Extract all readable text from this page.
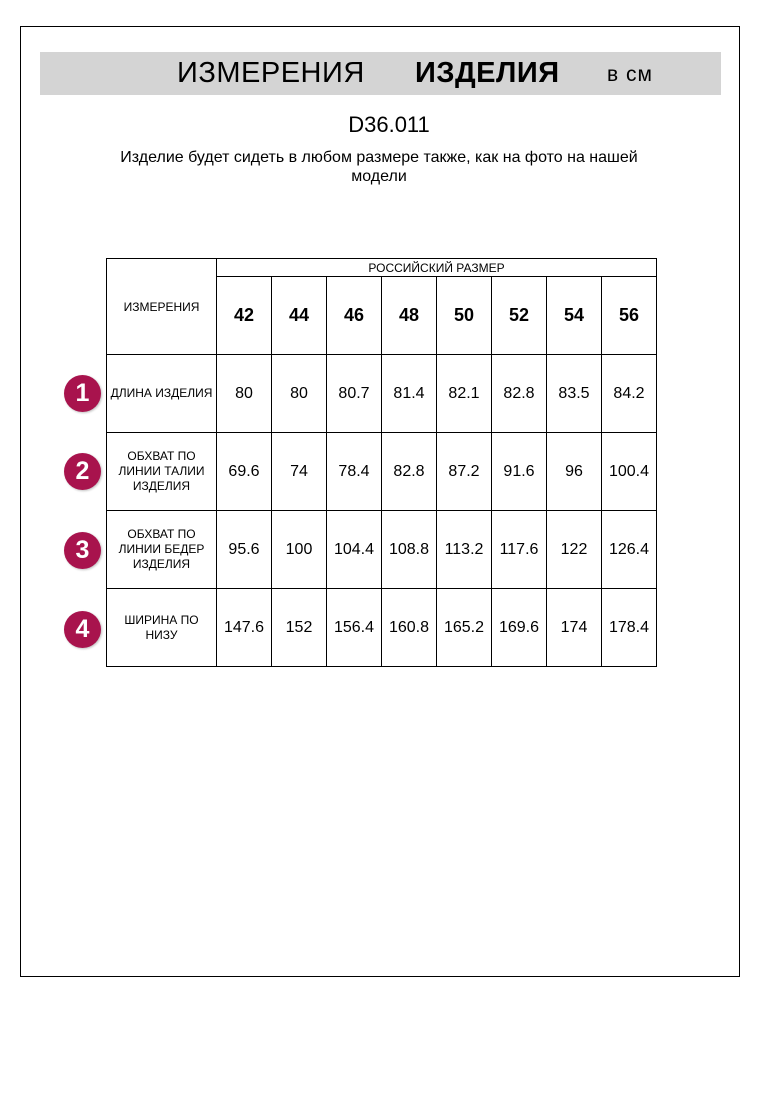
ИЗМЕРЕНИЯ ИЗДЕЛИЯ в см
D36.011
Изделие будет сидеть в любом размере также, как на фото на нашей модели
ИЗМЕРЕНИЯ	РОССИЙСКИЙ РАЗМЕР							
	42	44	46	48	50	52	54	56
ДЛИНА ИЗДЕЛИЯ	80	80	80.7	81.4	82.1	82.8	83.5	84.2
ОБХВАТ ПО ЛИНИИ ТАЛИИ ИЗДЕЛИЯ	69.6	74	78.4	82.8	87.2	91.6	96	100.4
ОБХВАТ ПО ЛИНИИ БЕДЕР ИЗДЕЛИЯ	95.6	100	104.4	108.8	113.2	117.6	122	126.4
ШИРИНА ПО НИЗУ	147.6	152	156.4	160.8	165.2	169.6	174	178.4
1
2
3
4
